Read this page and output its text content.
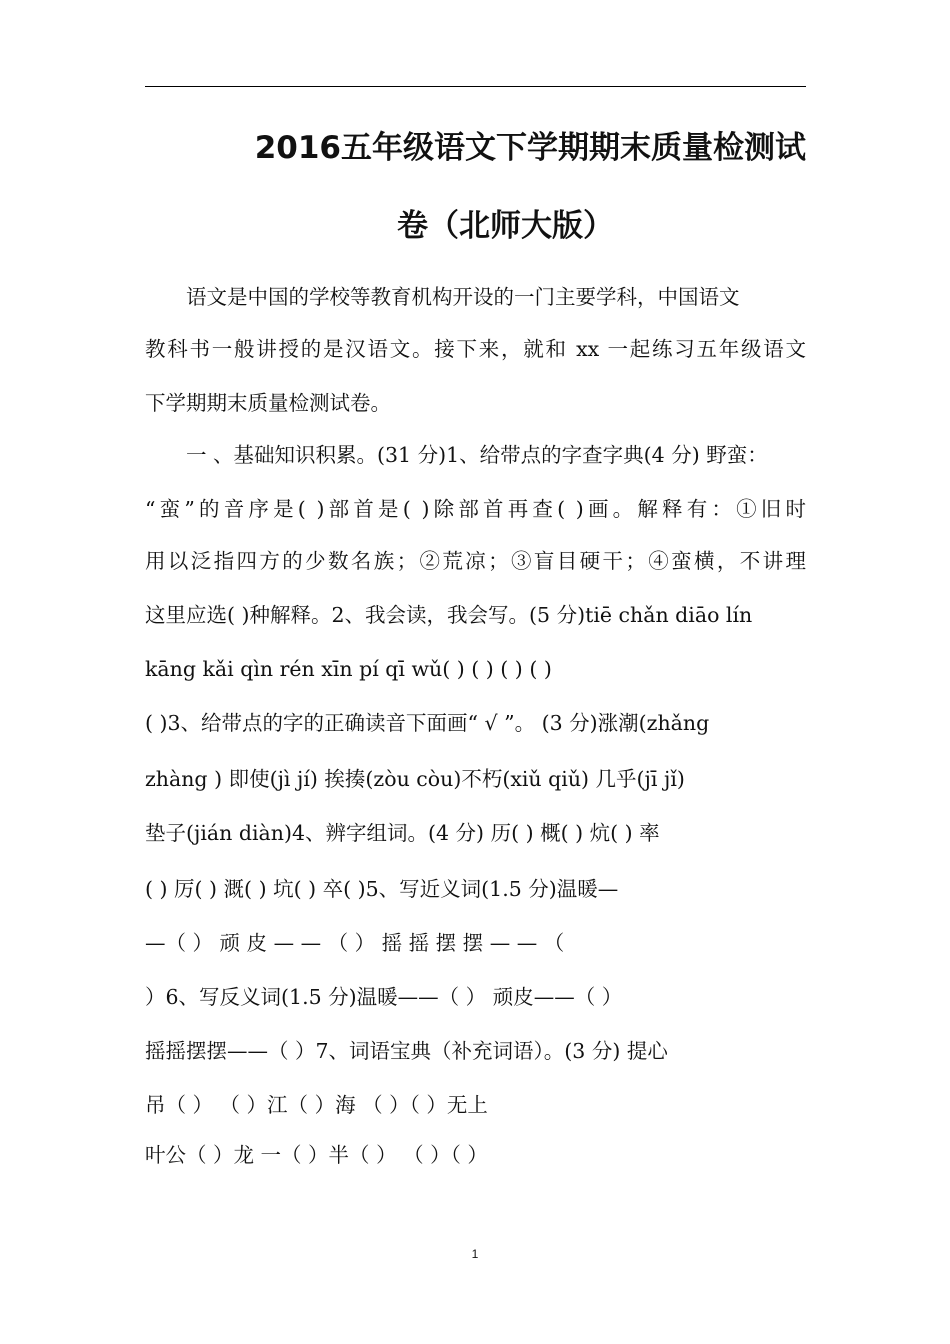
2016五年级语文下学期期末质量检测试
卷（北师大版）
　　语文是中国的学校等教育机构开设的一门主要学科，中国语文
教科书一般讲授的是汉语文。接下来，就和 xx 一起练习五年级语文
下学期期末质量检测试卷。
　　一 、基础知识积累。(31 分)1、给带点的字查字典(4 分) 野蛮：
“蛮”的音序是( )部首是( )除部首再查( )画。解释有：①旧时
用以泛指四方的少数名族；②荒凉；③盲目硬干；④蛮横，不讲理
这里应选( )种解释。2、我会读，我会写。(5 分)tiē chǎn diāo lín
kāng kǎi qìn rén xīn pí qī wǔ( ) ( ) ( ) ( )
( )3、给带点的字的正确读音下面画“ √ ”。 (3 分)涨潮(zhǎng
zhàng ) 即使(jì jí) 挨揍(zòu còu)不朽(xiǔ qiǔ) 几乎(jī jǐ)
垫子(jián diàn)4、辨字组词。(4 分) 历( ) 概( ) 炕( ) 率
( ) 厉( ) 溉( ) 坑( ) 卒( )5、写近义词(1.5 分)温暖—
—（ ） 顽 皮 — — （ ） 摇 摇 摆 摆 — — （
）6、写反义词(1.5 分)温暖——（ ） 顽皮——（ ）
摇摇摆摆——（ ）7、词语宝典（补充词语）。(3 分) 提心
吊（ ） （ ）江（ ）海 （ ）（ ）无上
叶公（ ）龙 一（ ）半（ ） （ ）（ ）
1
